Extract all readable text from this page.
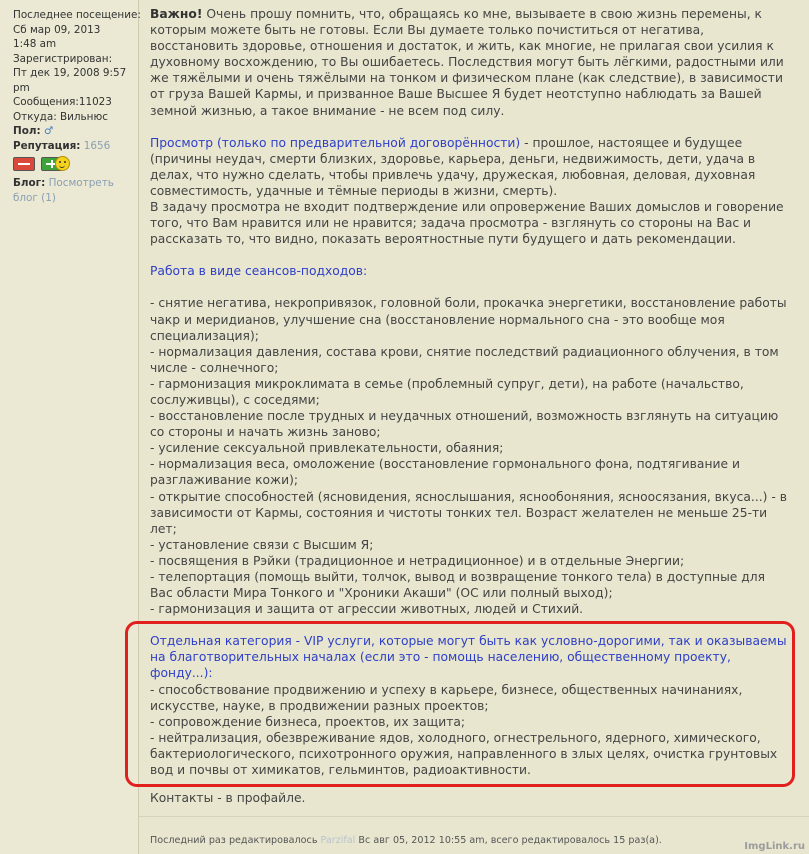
Последнее посещение:
Сб мар 09, 2013
1:48 am
Зарегистрирован:
Пт дек 19, 2008 9:57
pm
Сообщения:11023
Откуда: Вильнюс
Пол: ♂
Репутация: 1656
Блог: Посмотреть
блог (1)

Важно! Очень прошу помнить, что, обращаясь ко мне, вызываете в свою жизнь перемены, к которым можете быть не готовы. Если Вы думаете только почиститься от негатива, восстановить здоровье, отношения и достаток, и жить, как многие, не прилагая свои усилия к духовному восхождению, то Вы ошибаетесь. Последствия могут быть лёгкими, радостными или же тяжёлыми и очень тяжёлыми на тонком и физическом плане (как следствие), в зависимости от груза Вашей Кармы, и призванное Ваше Высшее Я будет неотступно наблюдать за Вашей земной жизнью, а такое внимание - не всем под силу.

Просмотр (только по предварительной договорённости) - прошлое, настоящее и будущее (причины неудач, смерти близких, здоровье, карьера, деньги, недвижимость, дети, удача в делах, что нужно сделать, чтобы привлечь удачу, дружеская, любовная, деловая, духовная совместимость, удачные и тёмные периоды в жизни, смерть).

В задачу просмотра не входит подтверждение или опровержение Ваших домыслов и говорение того, что Вам нравится или не нравится; задача просмотра - взглянуть со стороны на Вас и рассказать то, что видно, показать вероятностные пути будущего и дать рекомендации.

Работа в виде сеансов-подходов:

- снятие негатива, некропривязок, головной боли, прокачка энергетики, восстановление работы чакр и меридианов, улучшение сна (восстановление нормального сна - это вообще моя специализация);

- нормализация давления, состава крови, снятие последствий радиационного облучения, в том числе - солнечного;

- гармонизация микроклимата в семье (проблемный супруг, дети), на работе (начальство, сослуживцы), с соседями;

- восстановление после трудных и неудачных отношений, возможность взглянуть на ситуацию со стороны и начать жизнь заново;

- усиление сексуальной привлекательности, обаяния;

- нормализация веса, омоложение (восстановление гормонального фона, подтягивание и разглаживание кожи);

- открытие способностей (ясновидения, яснослышания, яснообоняния, ясноосязания, вкуса...) - в зависимости от Кармы, состояния и чистоты тонких тел. Возраст желателен не меньше 25-ти лет;

- установление связи с Высшим Я;

- посвящения в Рэйки (традиционное и нетрадиционное) и в отдельные Энергии;

- телепортация (помощь выйти, толчок, вывод и возвращение тонкого тела) в доступные для Вас области Мира Тонкого и "Хроники Акаши" (ОС или полный выход);

- гармонизация и защита от агрессии животных, людей и Стихий.

Отдельная категория - VIP услуги, которые могут быть как условно-дорогими, так и оказываемы на благотворительных началах (если это - помощь населению, общественному проекту, фонду...):

- способствование продвижению и успеху в карьере, бизнесе, общественных начинаниях, искусстве, науке, в продвижении разных проектов;

- сопровождение бизнеса, проектов, их защита;

- нейтрализация, обезвреживание ядов, холодного, огнестрельного, ядерного, химического, бактериологического, психотронного оружия, направленного в злых целях, очистка грунтовых вод и почвы от химикатов, гельминтов, радиоактивности.

Контакты - в профайле.
Последний раз редактировалось Parzifal Вс авг 05, 2012 10:55 am, всего редактировалось 15 раз(а).
ImgLink.ru
